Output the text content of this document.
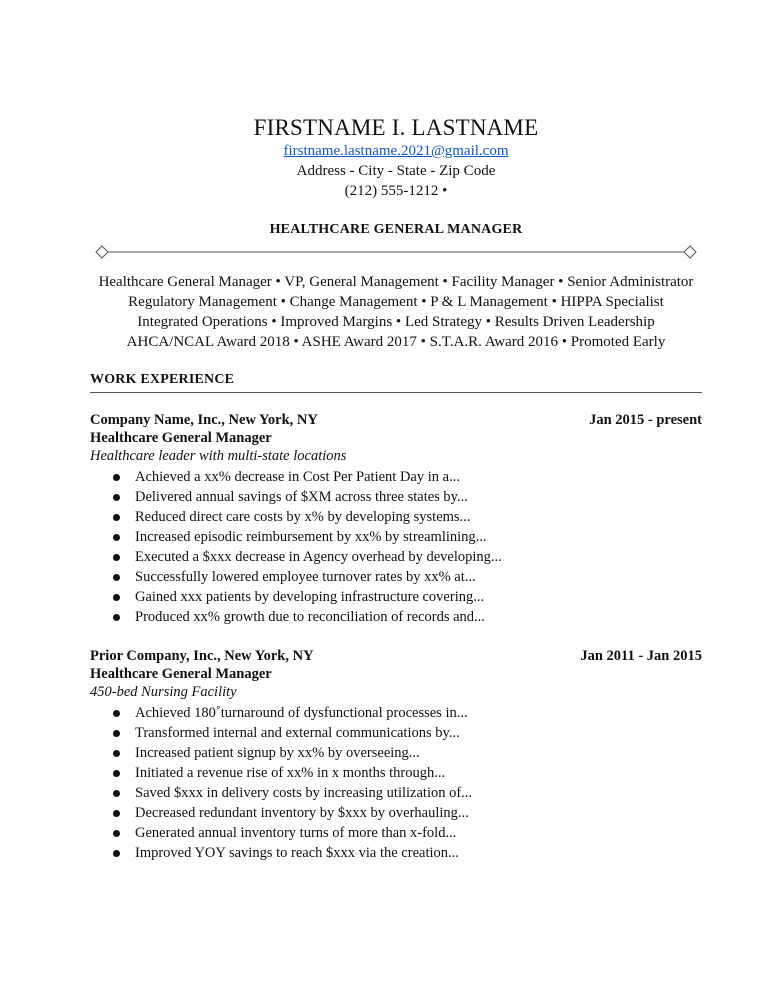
FIRSTNAME I. LASTNAME
firstname.lastname.2021@gmail.com
Address - City - State - Zip Code
(212) 555-1212 •
HEALTHCARE GENERAL MANAGER
Healthcare General Manager • VP, General Management • Facility Manager • Senior Administrator
Regulatory Management • Change Management • P & L Management • HIPPA Specialist
Integrated Operations • Improved Margins • Led Strategy • Results Driven Leadership
AHCA/NCAL Award 2018 • ASHE Award 2017 • S.T.A.R. Award 2016 • Promoted Early
WORK EXPERIENCE
Company Name, Inc., New York, NY	Jan 2015 - present
Healthcare General Manager
Healthcare leader with multi-state locations
Achieved a xx% decrease in Cost Per Patient Day in a...
Delivered annual savings of $XM across three states by...
Reduced direct care costs by x% by developing systems...
Increased episodic reimbursement by xx% by streamlining...
Executed a $xxx decrease in Agency overhead by developing...
Successfully lowered employee turnover rates by xx% at...
Gained xxx patients by developing infrastructure covering...
Produced xx% growth due to reconciliation of records and...
Prior Company, Inc., New York, NY	Jan 2011 - Jan 2015
Healthcare General Manager
450-bed Nursing Facility
Achieved 180˚turnaround of dysfunctional processes in...
Transformed internal and external communications by...
Increased patient signup by xx% by overseeing...
Initiated a revenue rise of xx% in x months through...
Saved $xxx in delivery costs by increasing utilization of...
Decreased redundant inventory by $xxx by overhauling...
Generated annual inventory turns of more than x-fold...
Improved YOY savings to reach $xxx via the creation...
